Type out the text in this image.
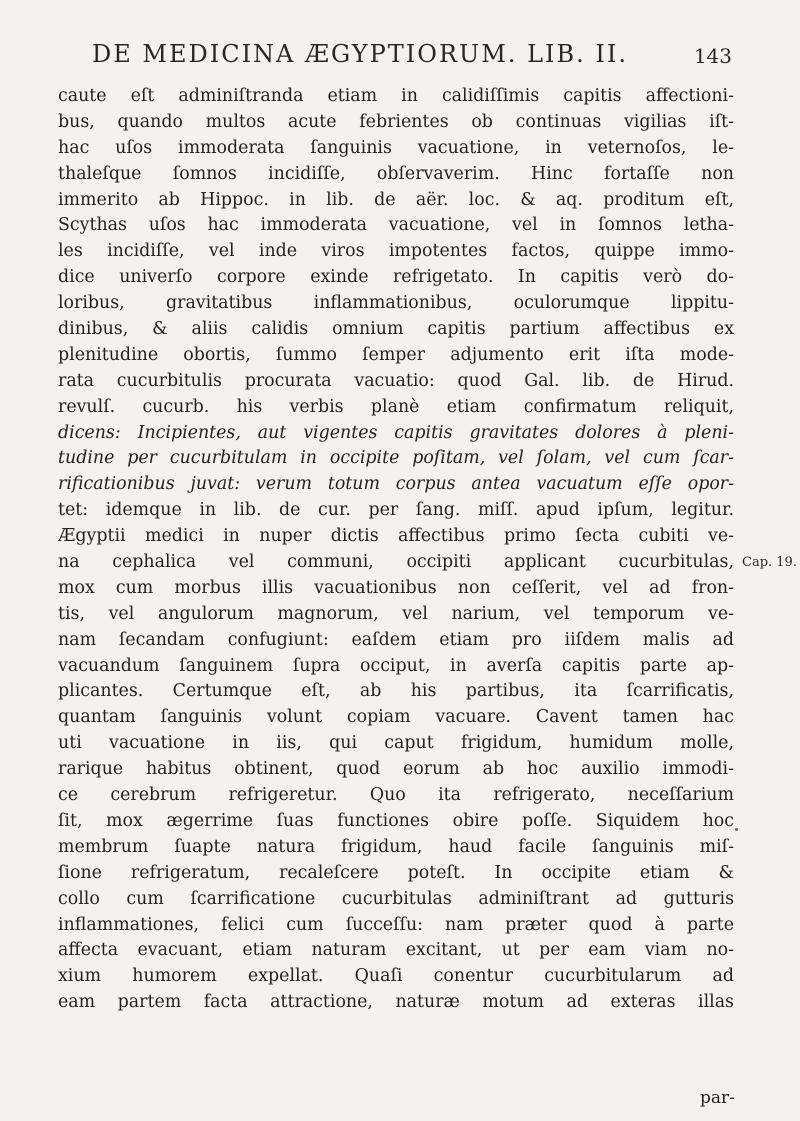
DE MEDICINA ÆGYPTIORUM. LIB. II.	143
caute eſt adminiſtranda etiam in calidiſſimis capitis affectioni-
bus, quando multos acute febrientes ob continuas vigilias iſt-
hac uſos immoderata ſanguinis vacuatione, in veternoſos, le-
thaleſque ſomnos incidiſſe, obſervaverim. Hinc fortaſſe non
immerito ab Hippoc. in lib. de aër. loc. & aq. proditum eſt,
Scythas uſos hac immoderata vacuatione, vel in ſomnos letha-
les incidiſſe, vel inde viros impotentes factos, quippe immo-
dice univerſo corpore exinde refrigetato. In capitis verò do-
loribus, gravitatibus inflammationibus, oculorumque lippitu-
dinibus, & aliis calidis omnium capitis partium affectibus ex
plenitudine obortis, ſummo ſemper adjumento erit iſta mode-
rata cucurbitulis procurata vacuatio: quod Gal. lib. de Hirud.
revulſ. cucurb. his verbis planè etiam confirmatum reliquit,
dicens: Incipientes, aut vigentes capitis gravitates dolores à pleni-
tudine per cucurbitulam in occipite poſitam, vel ſolam, vel cum ſcar-
rificationibus juvat: verum totum corpus antea vacuatum eſſe opor-
tet: idemque in lib. de cur. per ſang. miſſ. apud ipſum, legitur.
Ægyptii medici in nuper dictis affectibus primo ſecta cubiti ve-
na cephalica vel communi, occipiti applicant cucurbitulas,
mox cum morbus illis vacuationibus non ceſſerit, vel ad fron-
tis, vel angulorum magnorum, vel narium, vel temporum ve-
nam ſecandam confugiunt: eaſdem etiam pro iiſdem malis ad
vacuandum ſanguinem ſupra occiput, in averſa capitis parte ap-
plicantes. Certumque eſt, ab his partibus, ita ſcarrificatis,
quantam ſanguinis volunt copiam vacuare. Cavent tamen hac
uti vacuatione in iis, qui caput frigidum, humidum molle,
rarique habitus obtinent, quod eorum ab hoc auxilio immodi-
ce cerebrum refrigeretur. Quo ita refrigerato, neceſſarium
ſit, mox ægerrime ſuas functiones obire poſſe. Siquidem hoc
membrum ſuapte natura frigidum, haud facile ſanguinis miſ-
ſione refrigeratum, recaleſcere poteſt. In occipite etiam &
collo cum ſcarrificatione cucurbitulas adminiſtrant ad gutturis
inflammationes, felici cum ſucceſſu: nam præter quod à parte
affecta evacuant, etiam naturam excitant, ut per eam viam no-
xium humorem expellat. Quaſi conentur cucurbitularum ad
eam partem facta attractione, naturæ motum ad exteras illas
Cap. 19.
par-
